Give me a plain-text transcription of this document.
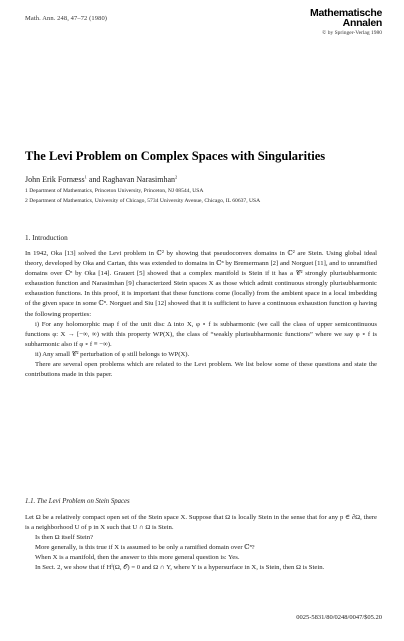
Math. Ann. 248, 47–72 (1980)	Mathematische
Annalen
© by Springer-Verlag 1980
The Levi Problem on Complex Spaces with Singularities
John Erik Fornæss$^1$ and Raghavan Narasimhan$^2$
1 Department of Mathematics, Princeton University, Princeton, NJ 08544, USA
2 Department of Mathematics, University of Chicago, 5734 University Avenue, Chicago, IL 60637, USA
1. Introduction

In 1942, Oka [13] solved the Levi problem in ℂ² by showing that pseudoconvex domains in ℂ² are Stein. Using global ideal theory, developed by Oka and Cartan, this was extended to domains in ℂⁿ by Bremermann [2] and Norguet [11], and to unramified domains over ℂⁿ by Oka [14]. Grauert [5] showed that a complex manifold is Stein if it has a 𝒞² strongly plurisubharmonic exhaustion function and Narasimhan [9] characterized Stein spaces X as those which admit continuous strongly plurisubharmonic exhaustion functions. In this proof, it is important that these functions come (locally) from the ambient space in a local imbedding of the given space in some ℂⁿ. Norguet and Siu [12] showed that it is sufficient to have a continuous exhaustion function φ having the following properties:

i) For any holomorphic map f of the unit disc Δ into X, φ ∘ f is subharmonic (we call the class of upper semicontinuous functions φ: X → [−∞, ∞) with this property WP(X), the class of “weakly plurisubharmonic functions” where we say φ ∘ f is subharmonic also if φ ∘ f ≡ −∞).

ii) Any small 𝒞² perturbation of φ still belongs to WP(X).

There are several open problems which are related to the Levi problem. We list below some of these questions and state the contributions made in this paper.

1.1. The Levi Problem on Stein Spaces

Let Ω be a relatively compact open set of the Stein space X. Suppose that Ω is locally Stein in the sense that for any p ∈ ∂Ω, there is a neighborhood U of p in X such that U ∩ Ω is Stein.

Is then Ω itself Stein?

More generally, is this true if X is assumed to be only a ramified domain over ℂⁿ?

When X is a manifold, then the answer to this more general question is: Yes.

In Sect. 2, we show that if Hⁱ(Ω, 𝒪) = 0 and Ω ∩ Y, where Y is a hypersurface in X, is Stein, then Ω is Stein.

0025-5831/80/0248/0047/$05.20
